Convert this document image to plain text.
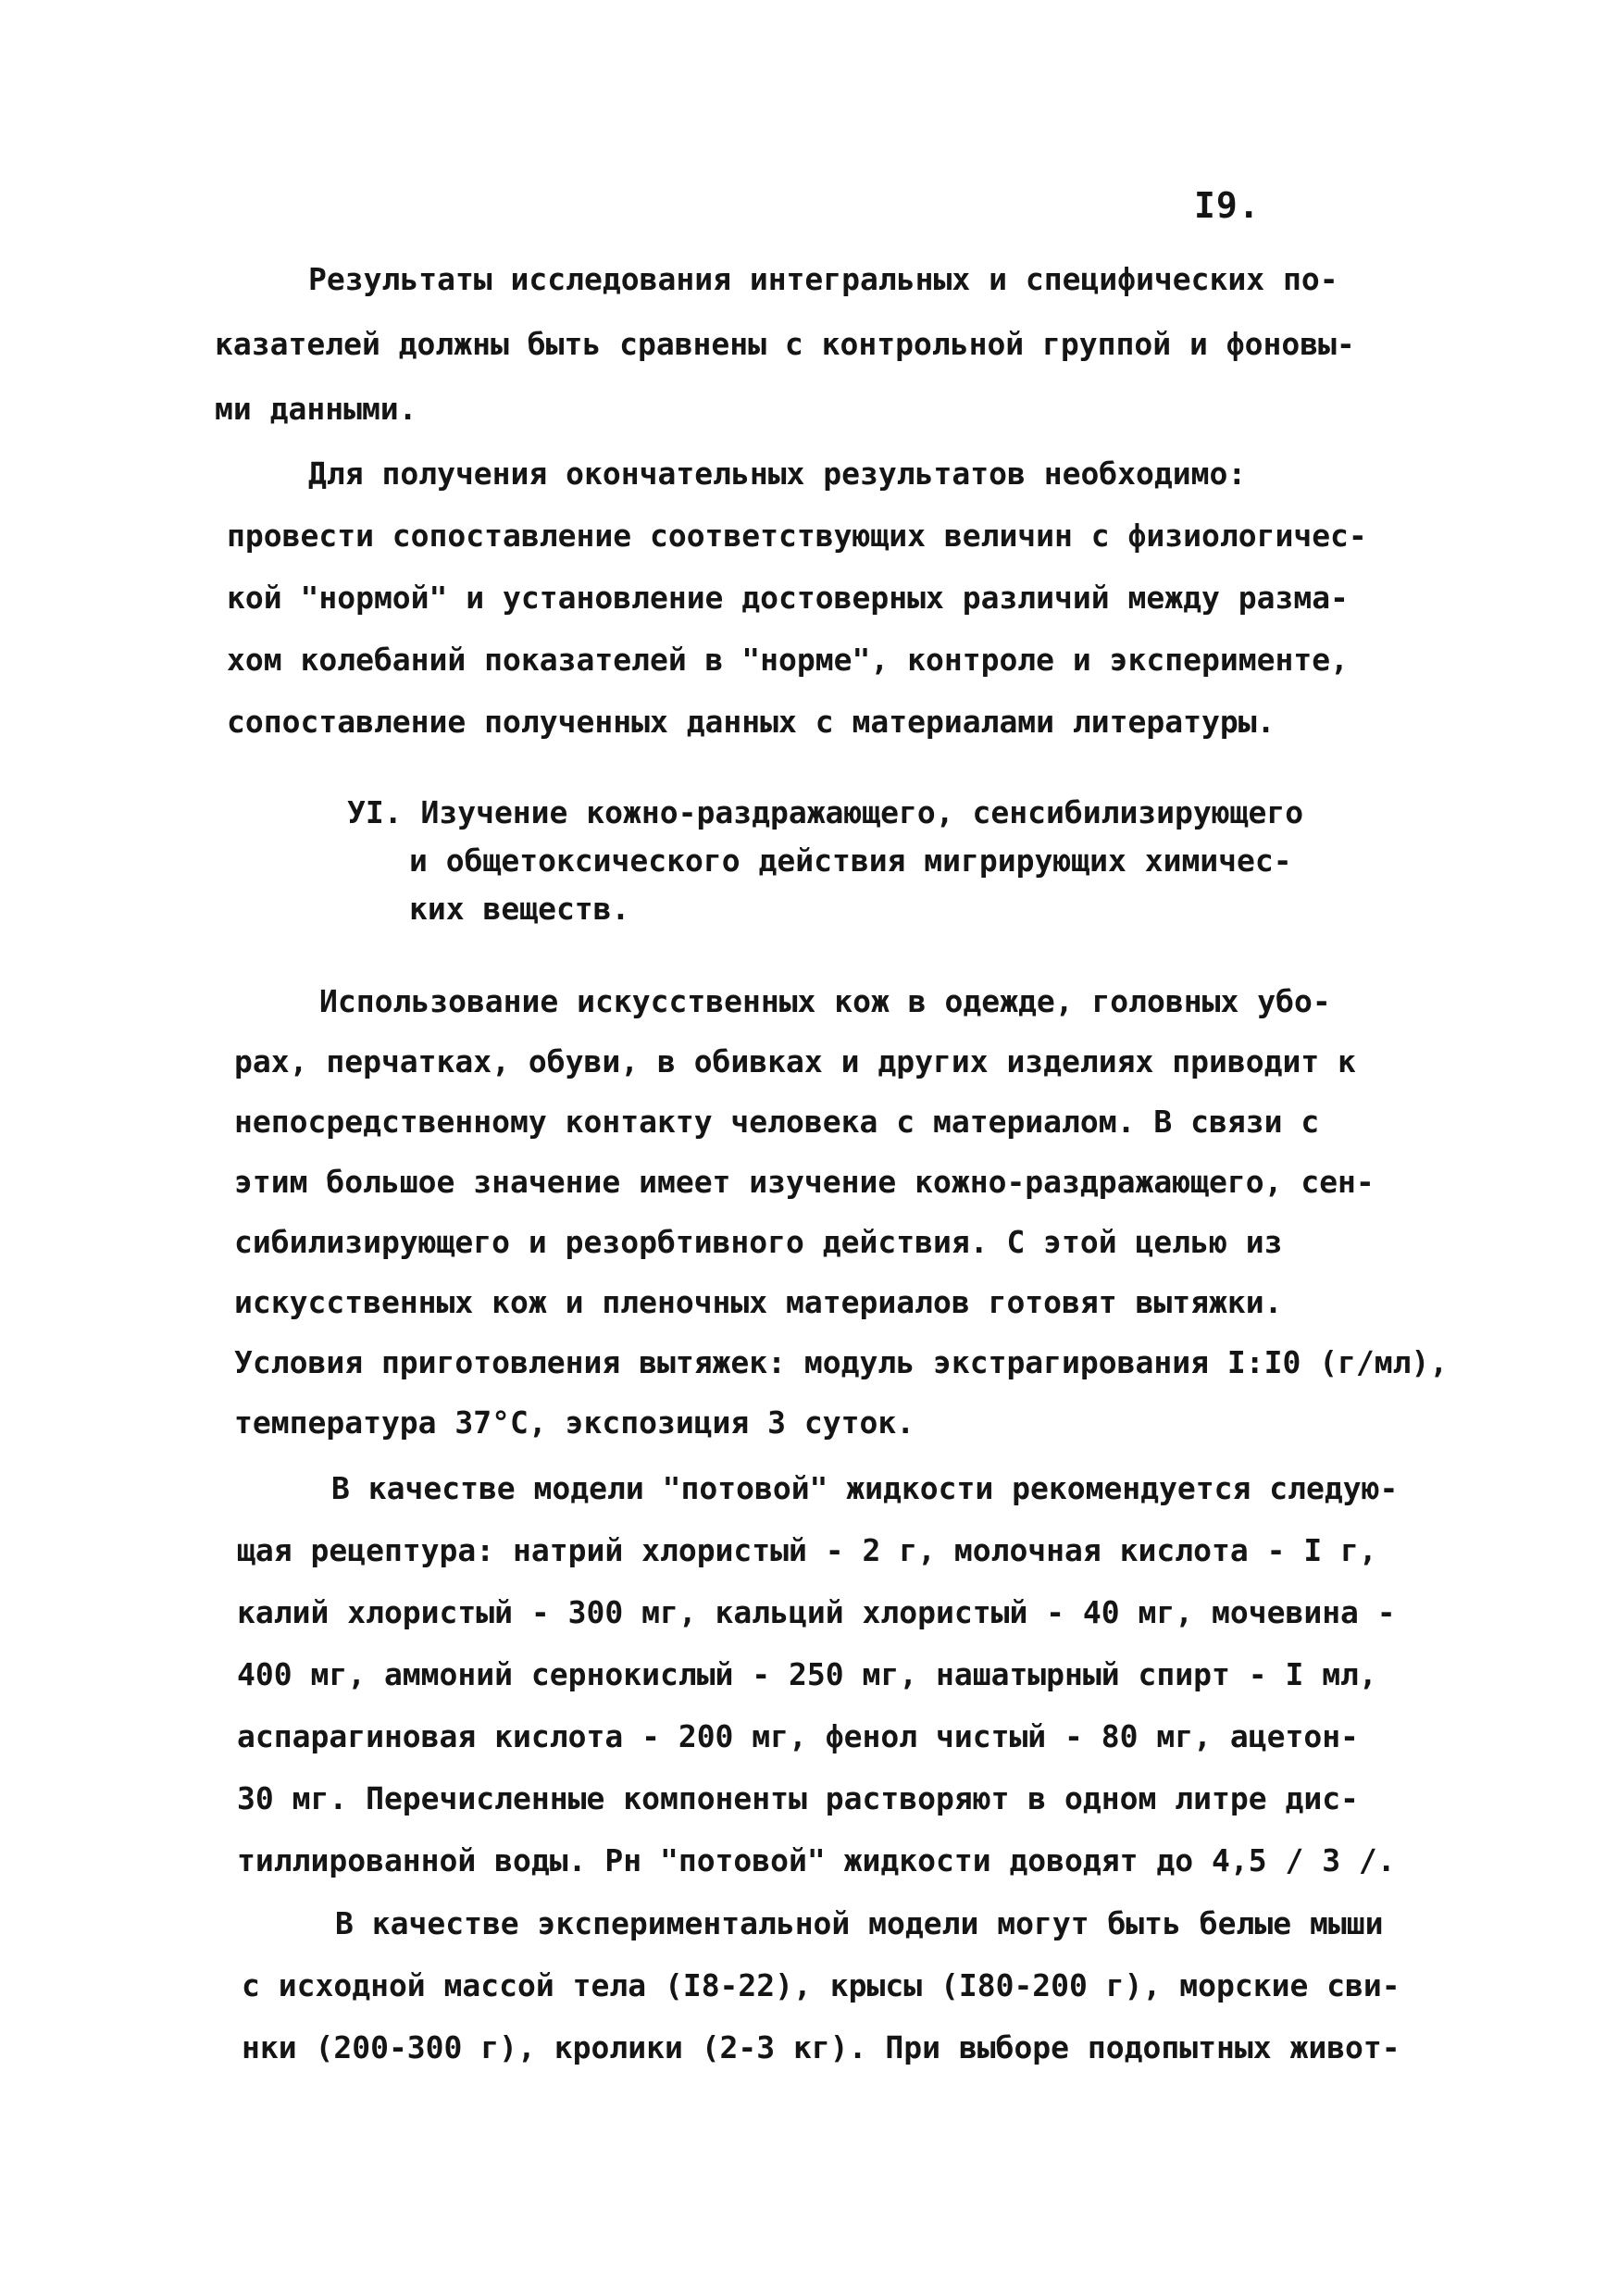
I9.
Результаты исследования интегральных и специфических по-
казателей должны быть сравнены с контрольной группой и фоновы-
ми данными.
Для получения окончательных результатов необходимо:
провести сопоставление соответствующих величин с физиологичес-
кой "нормой" и установление достоверных различий между разма-
хом колебаний показателей в "норме", контроле и эксперименте,
сопоставление полученных данных с материалами литературы.
УI. Изучение кожно-раздражающего, сенсибилизирующего
и общетоксического действия мигрирующих химичес-
ких веществ.
Использование искусственных кож в одежде, головных убо-
рах, перчатках, обуви, в обивках и других изделиях приводит к
непосредственному контакту человека с материалом. В связи с
этим большое значение имеет изучение кожно-раздражающего, сен-
сибилизирующего и резорбтивного действия. С этой целью из
искусственных кож и пленочных материалов готовят вытяжки.
Условия приготовления вытяжек: модуль экстрагирования I:I0 (г/мл),
температура 37°С, экспозиция 3 суток.
В качестве модели "потовой" жидкости рекомендуется следую-
щая рецептура: натрий хлористый - 2 г, молочная кислота - I г,
калий хлористый - 300 мг, кальций хлористый - 40 мг, мочевина -
400 мг, аммоний сернокислый - 250 мг, нашатырный спирт - I мл,
аспарагиновая кислота - 200 мг, фенол чистый - 80 мг, ацетон-
30 мг. Перечисленные компоненты растворяют в одном литре дис-
тиллированной воды. Рн "потовой" жидкости доводят до 4,5 / 3 /.
В качестве экспериментальной модели могут быть белые мыши
с исходной массой тела (I8-22), крысы (I80-200 г), морские сви-
нки (200-300 г), кролики (2-3 кг). При выборе подопытных живот-
